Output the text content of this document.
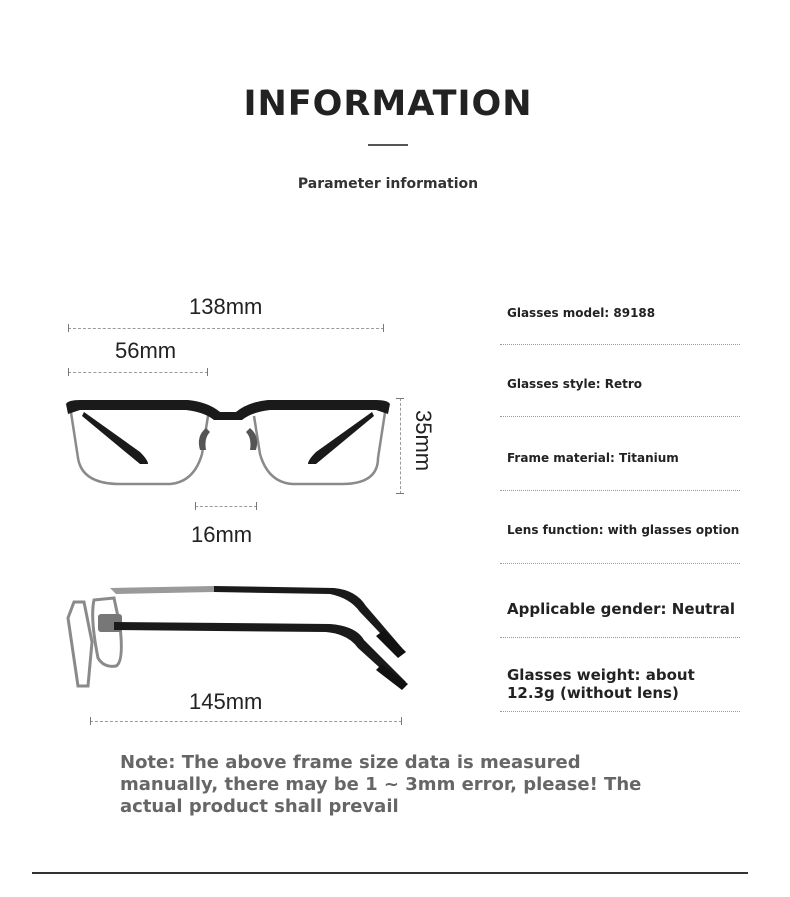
INFORMATION
Parameter information
138mm
56mm
35mm
16mm
145mm
Glasses model: 89188
Glasses style: Retro
Frame material: Titanium
Lens function: with glasses option
Applicable gender: Neutral
Glasses weight: about 12.3g (without lens)
Note: The above frame size data is measured manually, there may be 1 ~ 3mm error, please! The actual product shall prevail
